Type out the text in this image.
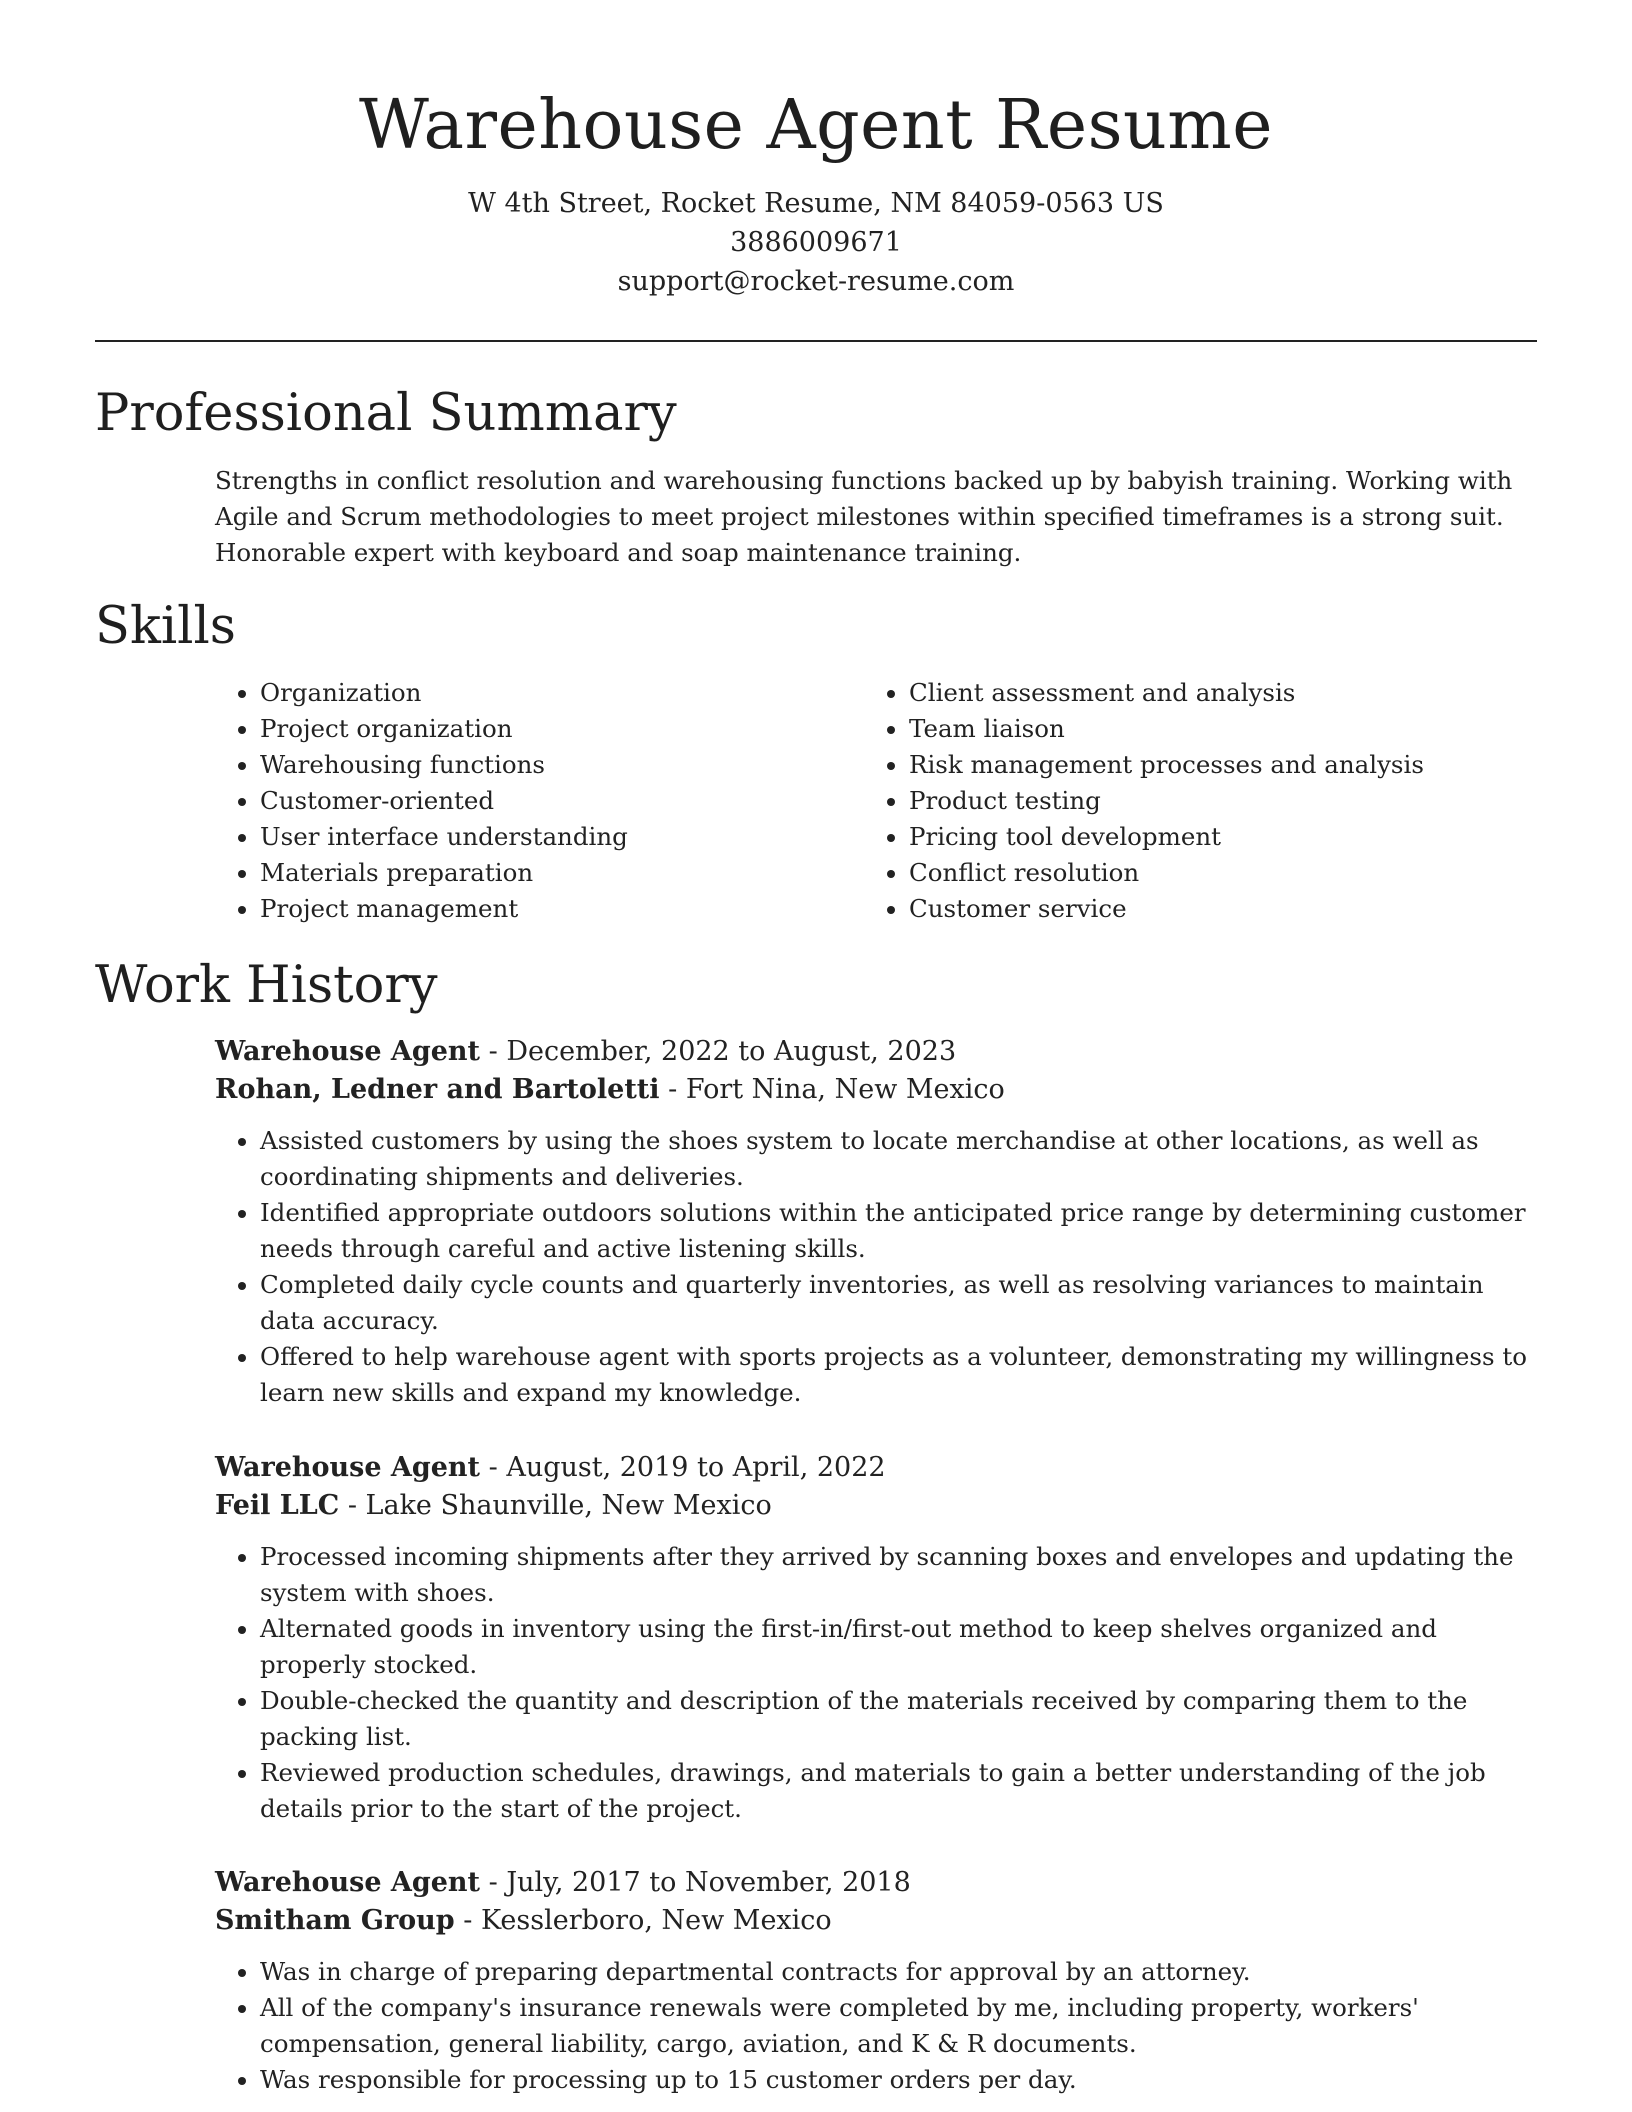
Warehouse Agent Resume
W 4th Street, Rocket Resume, NM 84059-0563 US
3886009671
support@rocket-resume.com
Professional Summary

Strengths in conflict resolution and warehousing functions backed up by babyish training. Working with Agile and Scrum methodologies to meet project milestones within specified timeframes is a strong suit. Honorable expert with keyboard and soap maintenance training.

Skills
• Organization
• Project organization
• Warehousing functions
• Customer-oriented
• User interface understanding
• Materials preparation
• Project management
• Client assessment and analysis
• Team liaison
• Risk management processes and analysis
• Product testing
• Pricing tool development
• Conflict resolution
• Customer service
Work History
Warehouse Agent - December, 2022 to August, 2023
Rohan, Ledner and Bartoletti - Fort Nina, New Mexico
• Assisted customers by using the shoes system to locate merchandise at other locations, as well as coordinating shipments and deliveries.
• Identified appropriate outdoors solutions within the anticipated price range by determining customer needs through careful and active listening skills.
• Completed daily cycle counts and quarterly inventories, as well as resolving variances to maintain data accuracy.
• Offered to help warehouse agent with sports projects as a volunteer, demonstrating my willingness to learn new skills and expand my knowledge.
Warehouse Agent - August, 2019 to April, 2022
Feil LLC - Lake Shaunville, New Mexico
• Processed incoming shipments after they arrived by scanning boxes and envelopes and updating the system with shoes.
• Alternated goods in inventory using the first-in/first-out method to keep shelves organized and properly stocked.
• Double-checked the quantity and description of the materials received by comparing them to the packing list.
• Reviewed production schedules, drawings, and materials to gain a better understanding of the job details prior to the start of the project.
Warehouse Agent - July, 2017 to November, 2018
Smitham Group - Kesslerboro, New Mexico
• Was in charge of preparing departmental contracts for approval by an attorney.
• All of the company's insurance renewals were completed by me, including property, workers' compensation, general liability, cargo, aviation, and K & R documents.
• Was responsible for processing up to 15 customer orders per day.
